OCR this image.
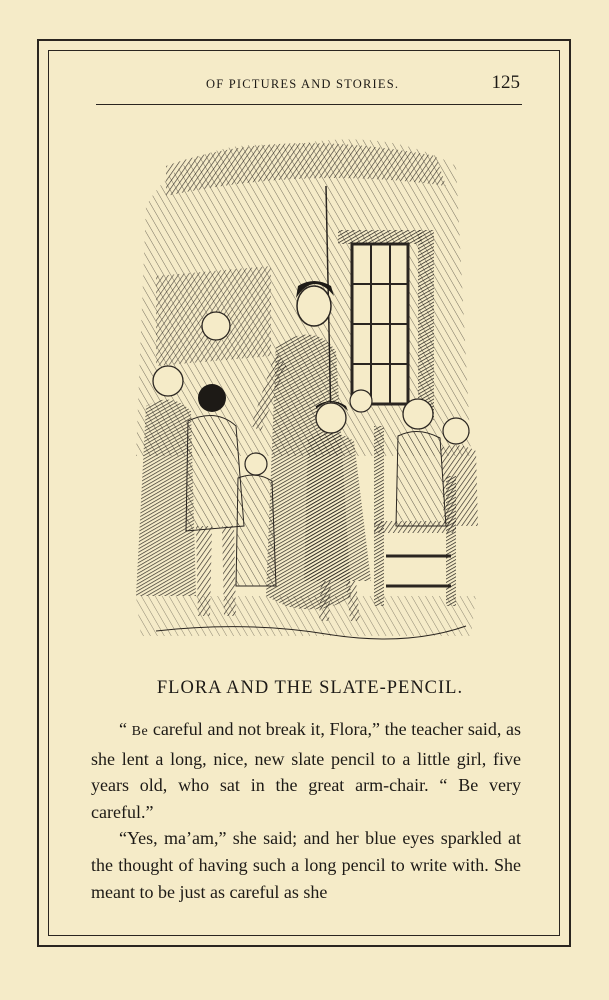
OF PICTURES AND STORIES.	125
FLORA AND THE SLATE-PENCIL.

“ Be careful and not break it, Flora,” the teacher said, as she lent a long, nice, new slate pencil to a little girl, five years old, who sat in the great arm-chair. “ Be very careful.”

“Yes, ma’am,” she said; and her blue eyes sparkled at the thought of having such a long pencil to write with. She meant to be just as careful as she
